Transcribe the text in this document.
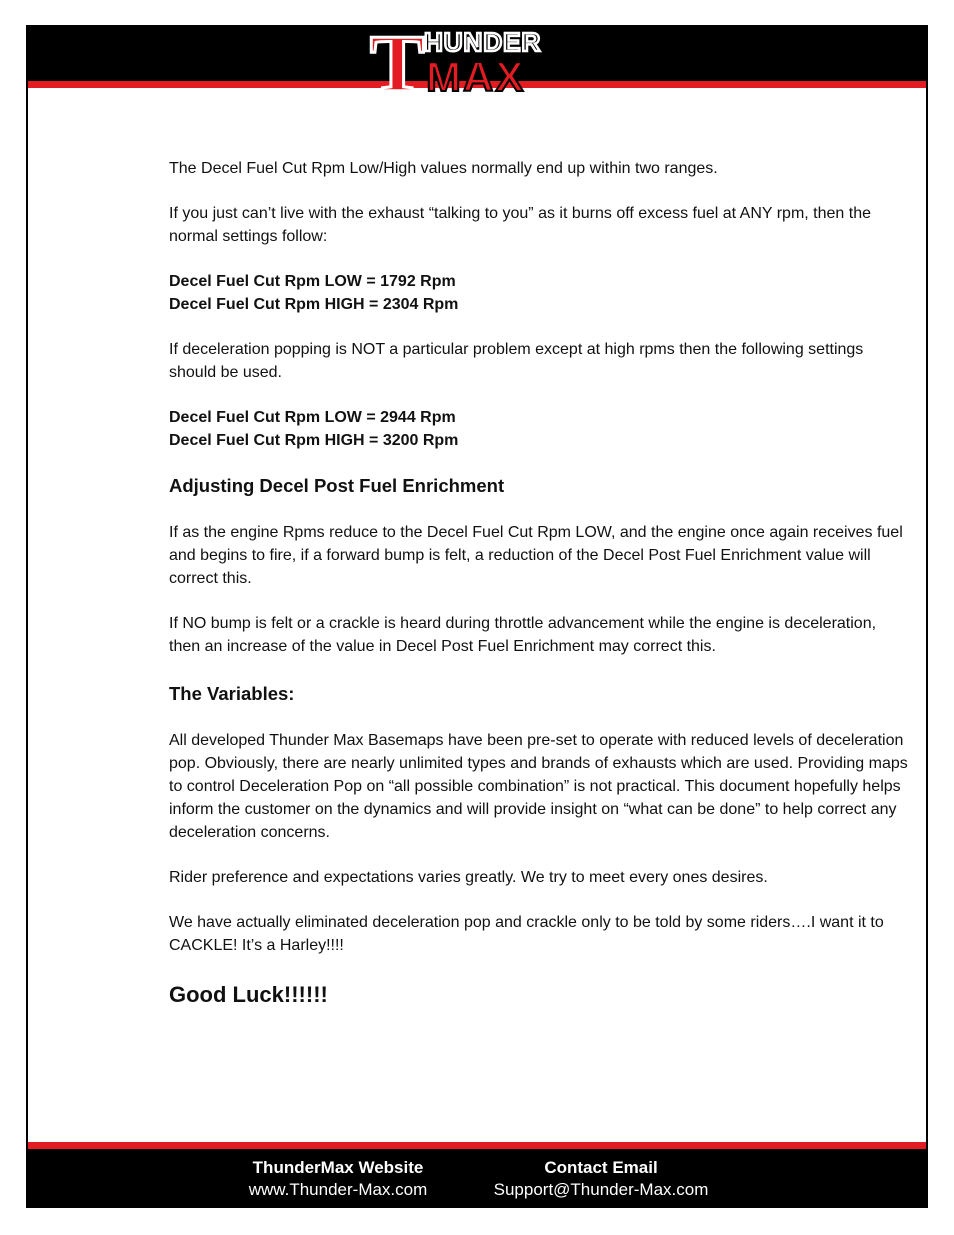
T HUNDER
MAX

The Decel Fuel Cut Rpm Low/High values normally end up within two ranges.

If you just can’t live with the exhaust “talking to you” as it burns off excess fuel at ANY rpm, then the normal settings follow:

Decel Fuel Cut Rpm LOW = 1792 Rpm

Decel Fuel Cut Rpm HIGH = 2304 Rpm

If deceleration popping is NOT a particular problem except at high rpms then the following settings should be used.

Decel Fuel Cut Rpm LOW = 2944 Rpm

Decel Fuel Cut Rpm HIGH = 3200 Rpm

Adjusting Decel Post Fuel Enrichment

If as the engine Rpms reduce to the Decel Fuel Cut Rpm LOW, and the engine once again receives fuel and begins to fire, if a forward bump is felt, a reduction of the Decel Post Fuel Enrichment value will correct this.

If NO bump is felt or a crackle is heard during throttle advancement while the engine is deceleration, then an increase of the value in Decel Post Fuel Enrichment may correct this.

The Variables:

All developed Thunder Max Basemaps have been pre-set to operate with reduced levels of deceleration pop. Obviously, there are nearly unlimited types and brands of exhausts which are used. Providing maps to control Deceleration Pop on “all possible combination” is not practical. This document hopefully helps inform the customer on the dynamics and will provide insight on “what can be done” to help correct any deceleration concerns.

Rider preference and expectations varies greatly. We try to meet every ones desires.

We have actually eliminated deceleration pop and crackle only to be told by some riders….I want it to CACKLE! It’s a Harley!!!!

Good Luck!!!!!!

ThunderMax Website
www.Thunder-Max.com
Contact Email
Support@Thunder-Max.com
